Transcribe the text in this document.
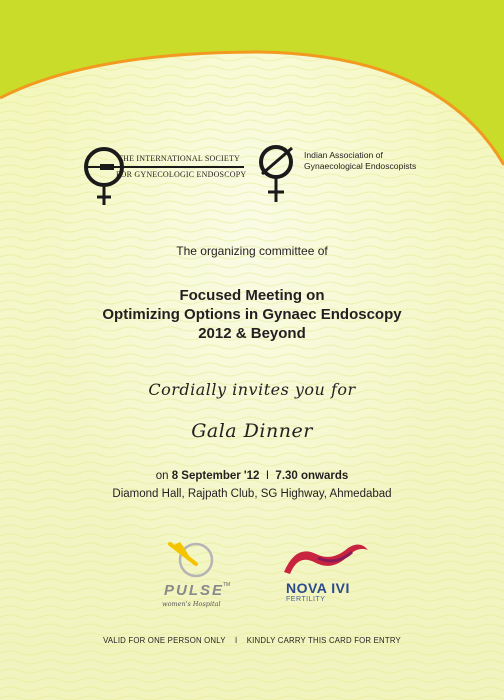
THE INTERNATIONAL SOCIETY
FOR GYNECOLOGIC ENDOSCOPY
Indian Association of
Gynaecological Endoscopists
The organizing committee of
Focused Meeting on
Optimizing Options in Gynaec Endoscopy
2012 & Beyond
Cordially invites you for
Gala Dinner
on 8 September '12  I  7.30 onwards
Diamond Hall, Rajpath Club, SG Highway, Ahmedabad
PULSE
TM
women's Hospital
NOVA IVI
FERTILITY
VALID FOR ONE PERSON ONLY    I    KINDLY CARRY THIS CARD FOR ENTRY
